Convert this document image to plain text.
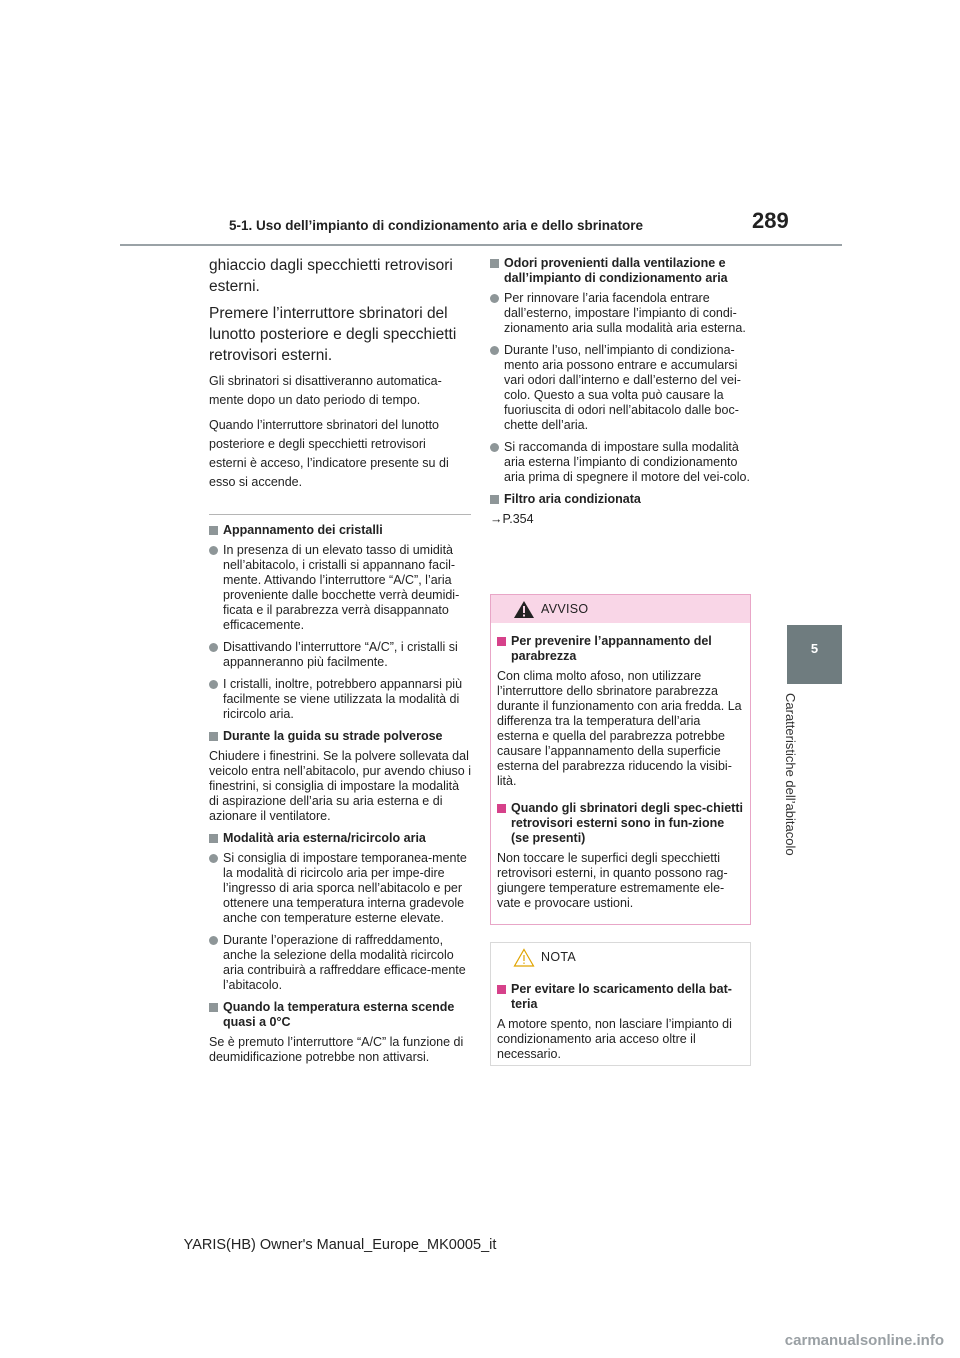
5-1. Uso dell’impianto di condizionamento aria e dello sbrinatore	289
5
Caratteristiche dell’abitacolo

ghiaccio dagli specchietti retrovisori
esterni.

Premere l’interruttore sbrinatori del
lunotto posteriore e degli specchietti
retrovisori esterni.

Gli sbrinatori si disattiveranno automatica-
mente dopo un dato periodo di tempo.

Quando l’interruttore sbrinatori del lunotto
posteriore e degli specchietti retrovisori
esterni è acceso, l’indicatore presente su di
esso si accende.

Appannamento dei cristalli
In presenza di un elevato tasso di umidità nell’abitacolo, i cristalli si appannano facil-mente. Attivando l’interruttore “A/C”, l’aria proveniente dalle bocchette verrà deumidi-ficata e il parabrezza verrà disappannato efficacemente.
Disattivando l’interruttore “A/C”, i cristalli si appanneranno più facilmente.
I cristalli, inoltre, potrebbero appannarsi più facilmente se viene utilizzata la modalità di ricircolo aria.
Durante la guida su strade polverose

Chiudere i finestrini. Se la polvere sollevata dal veicolo entra nell’abitacolo, pur avendo chiuso i finestrini, si consiglia di impostare la modalità di aspirazione dell’aria su aria esterna e di azionare il ventilatore.

Modalità aria esterna/ricircolo aria
Si consiglia di impostare temporanea-mente la modalità di ricircolo aria per impe-dire l’ingresso di aria sporca nell’abitacolo e per ottenere una temperatura interna gradevole anche con temperature esterne elevate.
Durante l’operazione di raffreddamento, anche la selezione della modalità ricircolo aria contribuirà a raffreddare efficace-mente l’abitacolo.
Quando la temperatura esterna scende quasi a 0°C

Se è premuto l’interruttore “A/C” la funzione di deumidificazione potrebbe non attivarsi.

Odori provenienti dalla ventilazione e dall’impianto di condizionamento aria
Per rinnovare l’aria facendola entrare dall’esterno, impostare l’impianto di condi-zionamento aria sulla modalità aria esterna.
Durante l’uso, nell’impianto di condiziona-mento aria possono entrare e accumularsi vari odori dall’interno e dall’esterno del vei-colo. Questo a sua volta può causare la fuoriuscita di odori nell’abitacolo dalle boc-chette dell’aria.
Si raccomanda di impostare sulla modalità aria esterna l’impianto di condizionamento aria prima di spegnere il motore del vei-colo.
Filtro aria condizionata

→P.354

AVVISO
Per prevenire l’appannamento del parabrezza

Con clima molto afoso, non utilizzare l’interruttore dello sbrinatore parabrezza durante il funzionamento con aria fredda. La differenza tra la temperatura dell’aria esterna e quella del parabrezza potrebbe causare l’appannamento della superficie esterna del parabrezza riducendo la visibi-lità.

Quando gli sbrinatori degli spec-chietti retrovisori esterni sono in fun-zione (se presenti)

Non toccare le superfici degli specchietti retrovisori esterni, in quanto possono rag-giungere temperature estremamente ele-vate e provocare ustioni.

NOTA
Per evitare lo scaricamento della bat-teria

A motore spento, non lasciare l’impianto di condizionamento aria acceso oltre il necessario.

YARIS(HB) Owner's Manual_Europe_MK0005_it
carmanualsonline.info
